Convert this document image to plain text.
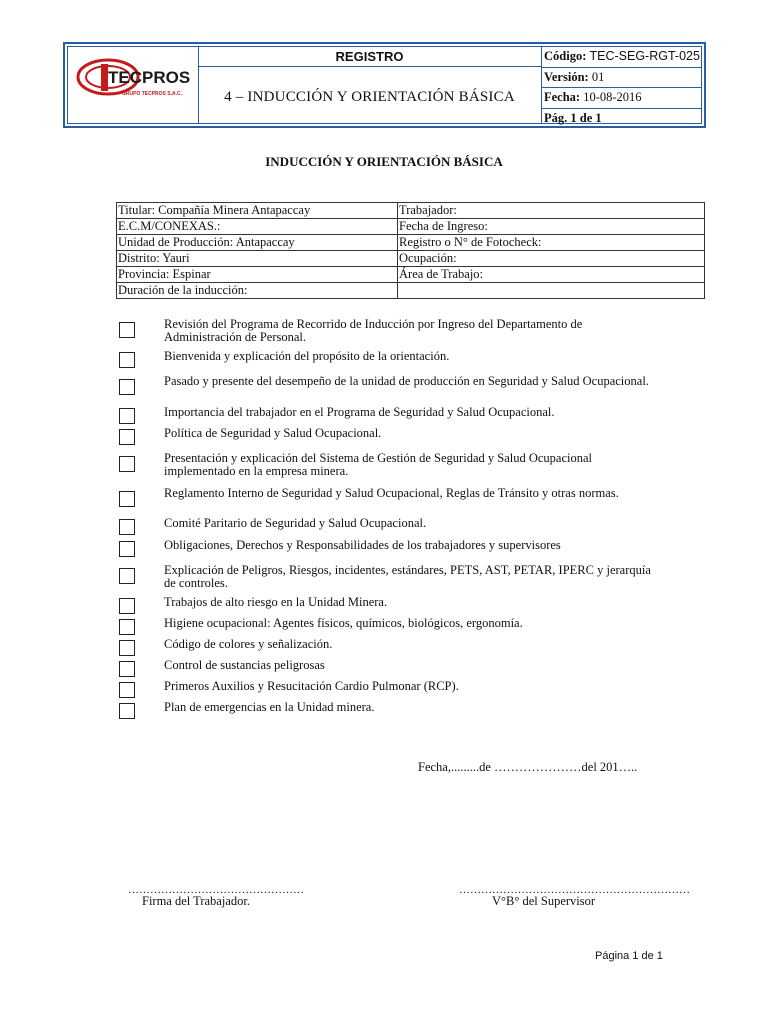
TECPROS
GRUPO TECPROS S.A.C.
REGISTRO
4 – INDUCCIÓN Y ORIENTACIÓN BÁSICA
Código: TEC-SEG-RGT-025
Versión: 01
Fecha: 10-08-2016
Pág. 1 de 1
INDUCCIÓN Y ORIENTACIÓN BÁSICA
Titular: Compañía Minera Antapaccay	Trabajador:
E.C.M/CONEXAS.:	Fecha de Ingreso:
Unidad de Producción: Antapaccay	Registro o N° de Fotocheck:
Distrito: Yauri	Ocupación:
Provincia: Espinar	Área de Trabajo:
Duración de la inducción:	
Revisión del Programa de Recorrido de Inducción por Ingreso del Departamento de Administración de Personal.
Bienvenida y explicación del propósito de la orientación.
Pasado y presente del desempeño de la unidad de producción en Seguridad y Salud Ocupacional.
Importancia del trabajador en el Programa de Seguridad y Salud Ocupacional.
Política de Seguridad y Salud Ocupacional.
Presentación y explicación del Sistema de Gestión de Seguridad y Salud Ocupacional implementado en la empresa minera.
Reglamento Interno de Seguridad y Salud Ocupacional, Reglas de Tránsito y otras normas.
Comité Paritario de Seguridad y Salud Ocupacional.
Obligaciones, Derechos y Responsabilidades de los trabajadores y supervisores
Explicación de Peligros, Riesgos, incidentes, estándares, PETS, AST, PETAR, IPERC y jerarquía de controles.
Trabajos de alto riesgo en la Unidad Minera.
Higiene ocupacional: Agentes físicos, químicos, biológicos, ergonomía.
Código de colores y señalización.
Control de sustancias peligrosas
Primeros Auxilios y Resucitación Cardio Pulmonar (RCP).
Plan de emergencias en la Unidad minera.
Fecha,.........de …………………del 201…..
…………………………………………
Firma del Trabajador.
………………………………………………………
V°B° del Supervisor
Página 1 de 1
